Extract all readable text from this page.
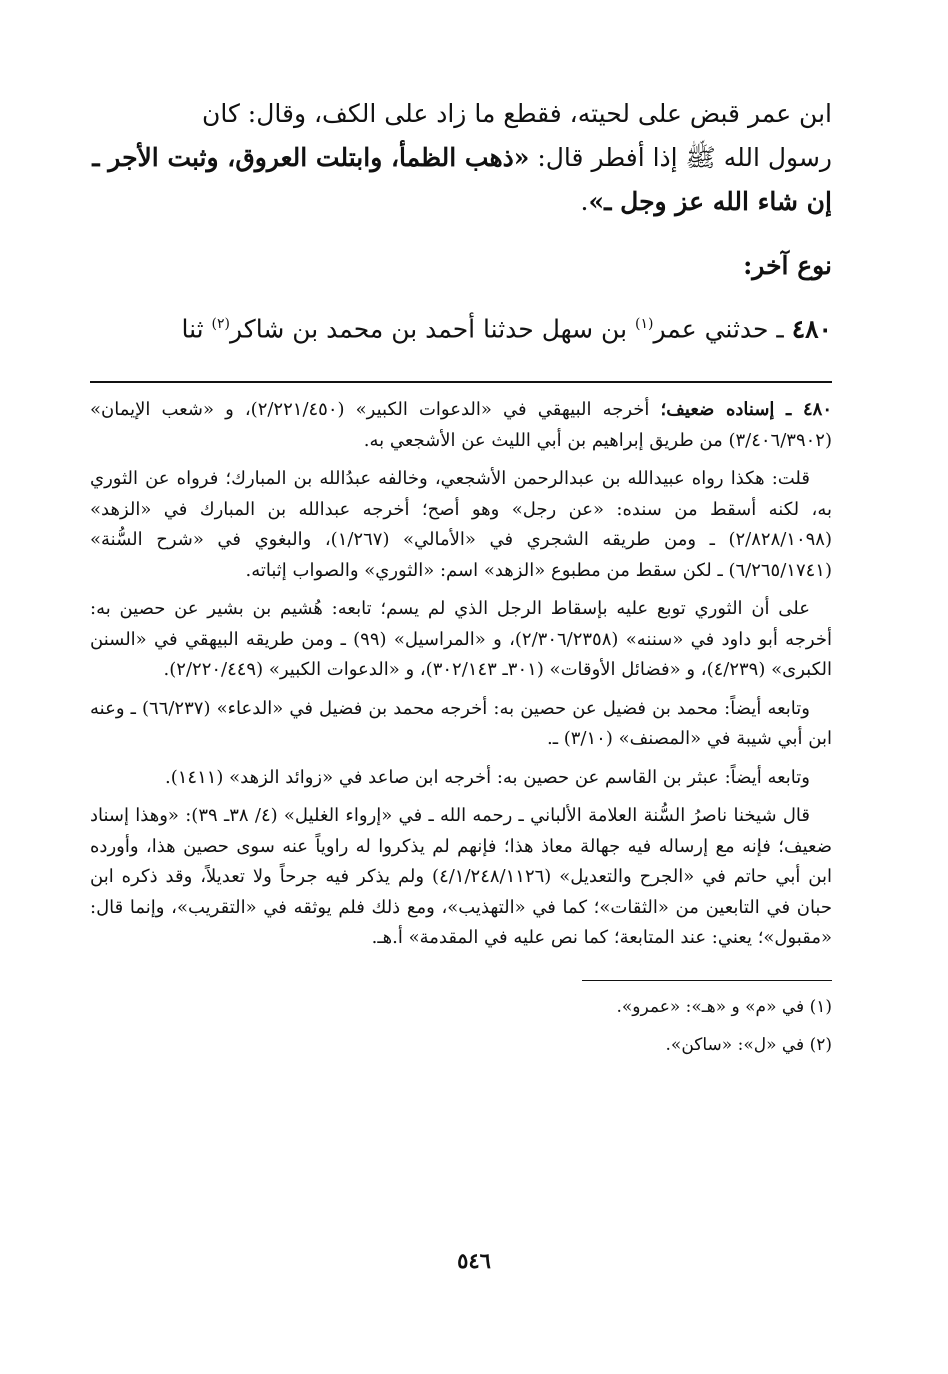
ابن عمر قبض على لحيته، فقطع ما زاد على الكف، وقال: كان

رسول الله ﷺ إذا أفطر قال: «ذهب الظمأ، وابتلت العروق، وثبت الأجر ـ

إن شاء الله عز وجل ـ».

نوع آخر:

٤٨٠ ـ حدثني عمر$^{(١)}$ بن سهل حدثنا أحمد بن محمد بن شاكر$^{(٢)}$ ثنا

٤٨٠ ـ إسناده ضعيف؛ أخرجه البيهقي في «الدعوات الكبير» (٢/٢٢١/٤٥٠)، و «شعب الإيمان» (٣/٤٠٦/٣٩٠٢) من طريق إبراهيم بن أبي الليث عن الأشجعي به.

قلت: هكذا رواه عبيدالله بن عبدالرحمن الأشجعي، وخالفه عبدُالله بن المبارك؛ فرواه عن الثوري به، لكنه أسقط من سنده: «عن رجل» وهو أصح؛ أخرجه عبدالله بن المبارك في «الزهد» (٢/٨٢٨/١٠٩٨) ـ ومن طريقه الشجري في «الأمالي» (١/٢٦٧)، والبغوي في «شرح السُّنة» (٦/٢٦٥/١٧٤١) ـ لكن سقط من مطبوع «الزهد» اسم: «الثوري» والصواب إثباته.

على أن الثوري توبع عليه بإسقاط الرجل الذي لم يسم؛ تابعه: هُشيم بن بشير عن حصين به: أخرجه أبو داود في «سننه» (٢/٣٠٦/٢٣٥٨)، و «المراسيل» (٩٩) ـ ومن طريقه البيهقي في «السنن الكبرى» (٤/٢٣٩)، و «فضائل الأوقات» (٣٠١ـ ٣٠٢/١٤٣)، و «الدعوات الكبير» (٢/٢٢٠/٤٤٩).

وتابعه أيضاً: محمد بن فضيل عن حصين به: أخرجه محمد بن فضيل في «الدعاء» (٦٦/٢٣٧) ـ وعنه ابن أبي شيبة في «المصنف» (٣/١٠) ـ.

وتابعه أيضاً: عبثر بن القاسم عن حصين به: أخرجه ابن صاعد في «زوائد الزهد» (١٤١١).

قال شيخنا ناصرُ السُّنة العلامة الألباني ـ رحمه الله ـ في «إرواء الغليل» (٤/ ٣٨ـ ٣٩): «وهذا إسناد ضعيف؛ فإنه مع إرساله فيه جهالة معاذ هذا؛ فإنهم لم يذكروا له راوياً عنه سوى حصين هذا، وأورده ابن أبي حاتم في «الجرح والتعديل» (٤/١/٢٤٨/١١٢٦) ولم يذكر فيه جرحاً ولا تعديلاً، وقد ذكره ابن حبان في التابعين من «الثقات»؛ كما في «التهذيب»، ومع ذلك فلم يوثقه في «التقريب»، وإنما قال: «مقبول»؛ يعني: عند المتابعة؛ كما نص عليه في المقدمة» أ.هـ.

(١) في «م» و «هـ»: «عمرو».

(٢) في «ل»: «ساكن».

٥٤٦
